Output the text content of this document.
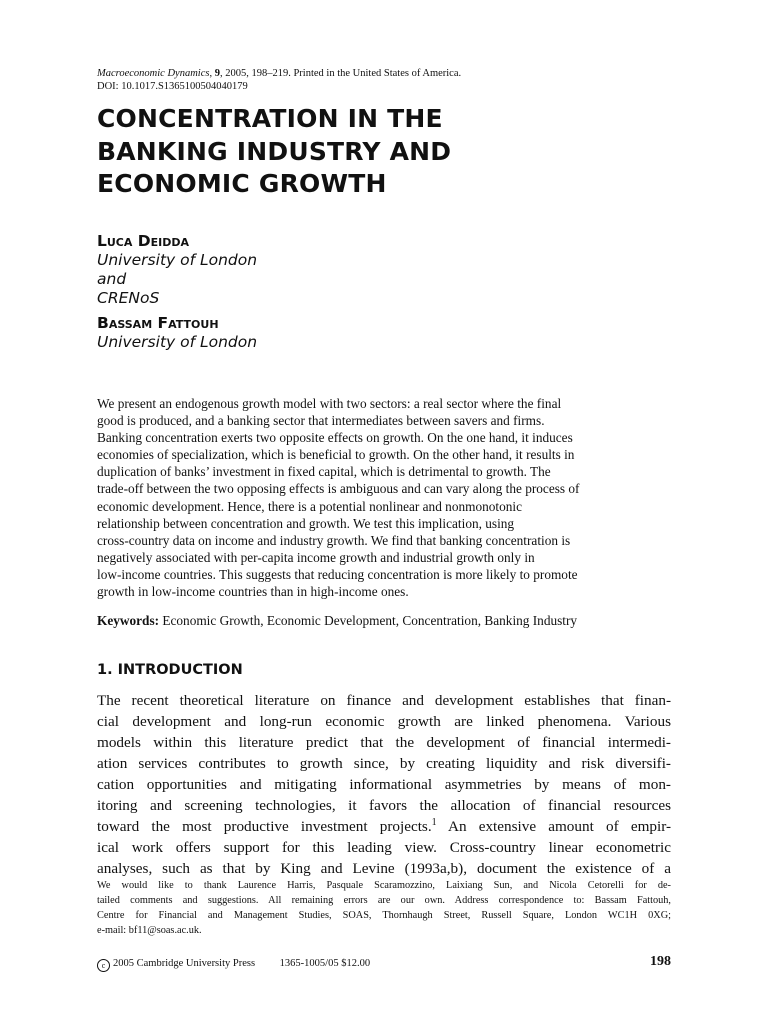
Macroeconomic Dynamics, 9, 2005, 198–219. Printed in the United States of America.
DOI: 10.1017.S1365100504040179
CONCENTRATION IN THE
BANKING INDUSTRY AND
ECONOMIC GROWTH
Luca Deidda
University of London
and
CRENoS
Bassam Fattouh
University of London

We present an endogenous growth model with two sectors: a real sector where the final
good is produced, and a banking sector that intermediates between savers and firms.
Banking concentration exerts two opposite effects on growth. On the one hand, it induces
economies of specialization, which is beneficial to growth. On the other hand, it results in
duplication of banks’ investment in fixed capital, which is detrimental to growth. The
trade-off between the two opposing effects is ambiguous and can vary along the process of
economic development. Hence, there is a potential nonlinear and nonmonotonic
relationship between concentration and growth. We test this implication, using
cross-country data on income and industry growth. We find that banking concentration is
negatively associated with per-capita income growth and industrial growth only in
low-income countries. This suggests that reducing concentration is more likely to promote
growth in low-income countries than in high-income ones.

Keywords: Economic Growth, Economic Development, Concentration, Banking Industry
1. INTRODUCTION

The recent theoretical literature on finance and development establishes that finan-
cial development and long-run economic growth are linked phenomena. Various
models within this literature predict that the development of financial intermedi-
ation services contributes to growth since, by creating liquidity and risk diversifi-
cation opportunities and mitigating informational asymmetries by means of mon-
itoring and screening technologies, it favors the allocation of financial resources
toward the most productive investment projects.$^1$ An extensive amount of empir-
ical work offers support for this leading view. Cross-country linear econometric
analyses, such as that by King and Levine (1993a,b), document the existence of a

We would like to thank Laurence Harris, Pasquale Scaramozzino, Laixiang Sun, and Nicola Cetorelli for de-
tailed comments and suggestions. All remaining errors are our own. Address correspondence to: Bassam Fattouh,
Centre for Financial and Management Studies, SOAS, Thornhaugh Street, Russell Square, London WC1H 0XG;
e-mail: bf11@soas.ac.uk.
c 2005 Cambridge University Press 1365-1005/05 $12.00	198
